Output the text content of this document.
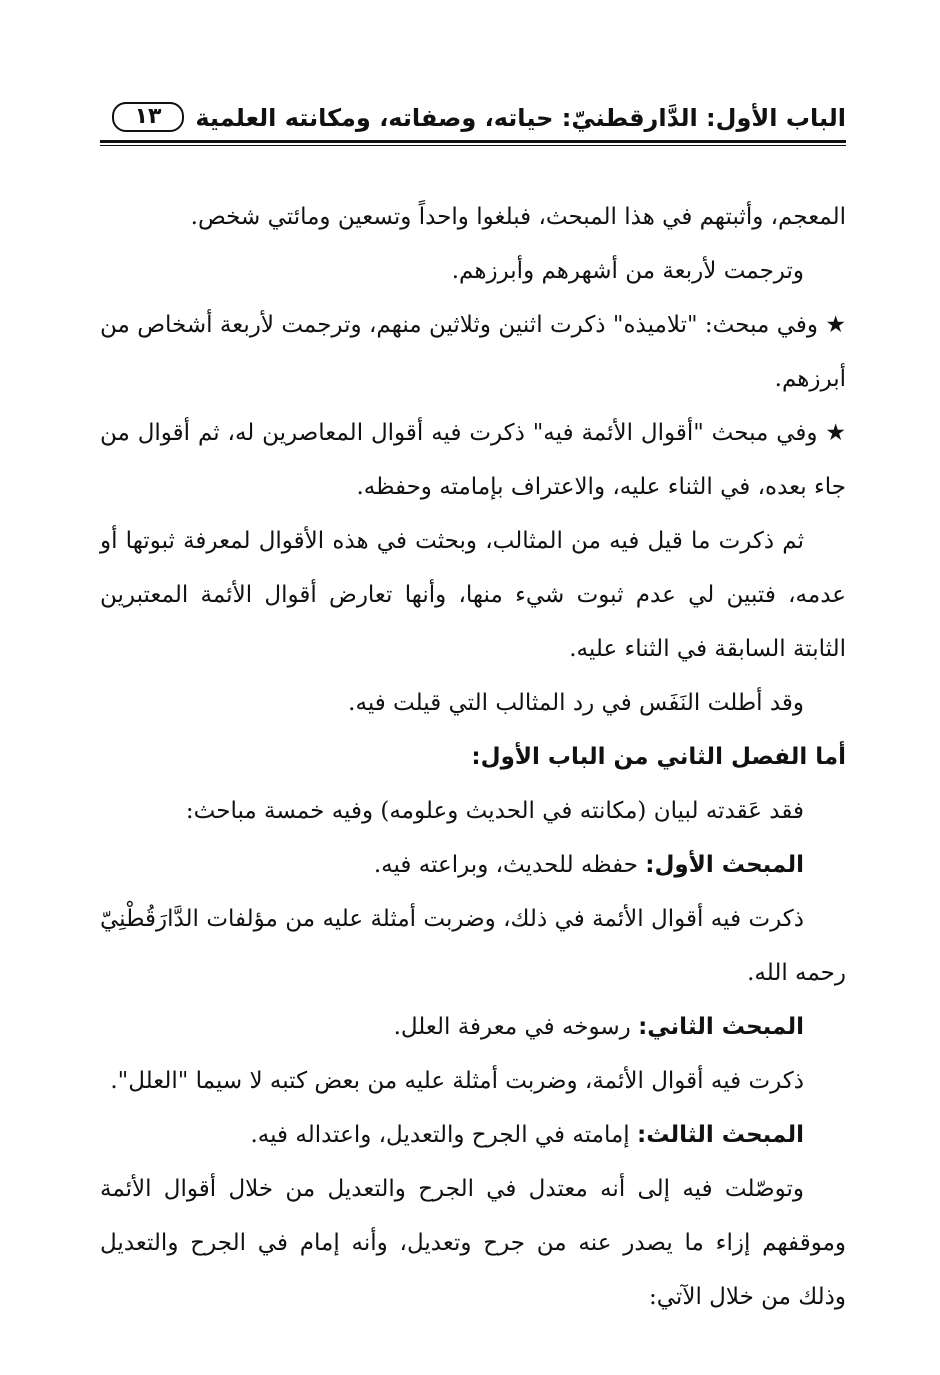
الباب الأول: الدَّارقطنيّ: حياته، وصفاته، ومكانته العلمية
١٣

المعجم، وأثبتهم في هذا المبحث، فبلغوا واحداً وتسعين ومائتي شخص.

وترجمت لأربعة من أشهرهم وأبرزهم.

★ وفي مبحث: "تلاميذه" ذكرت اثنين وثلاثين منهم، وترجمت لأربعة أشخاص من أبرزهم.

★ وفي مبحث "أقوال الأئمة فيه" ذكرت فيه أقوال المعاصرين له، ثم أقوال من جاء بعده، في الثناء عليه، والاعتراف بإمامته وحفظه.

ثم ذكرت ما قيل فيه من المثالب، وبحثت في هذه الأقوال لمعرفة ثبوتها أو عدمه، فتبين لي عدم ثبوت شيء منها، وأنها تعارض أقوال الأئمة المعتبرين الثابتة السابقة في الثناء عليه.

وقد أطلت النَفَس في رد المثالب التي قيلت فيه.

أما الفصل الثاني من الباب الأول:

فقد عَقدته لبيان (مكانته في الحديث وعلومه) وفيه خمسة مباحث:

المبحث الأول: حفظه للحديث، وبراعته فيه.

ذكرت فيه أقوال الأئمة في ذلك، وضربت أمثلة عليه من مؤلفات الدَّارَقُطْنِيّ رحمه الله.

المبحث الثاني: رسوخه في معرفة العلل.

ذكرت فيه أقوال الأئمة، وضربت أمثلة عليه من بعض كتبه لا سيما "العلل".

المبحث الثالث: إمامته في الجرح والتعديل، واعتداله فيه.

وتوصّلت فيه إلى أنه معتدل في الجرح والتعديل من خلال أقوال الأئمة وموقفهم إزاء ما يصدر عنه من جرح وتعديل، وأنه إمام في الجرح والتعديل وذلك من خلال الآتي:
